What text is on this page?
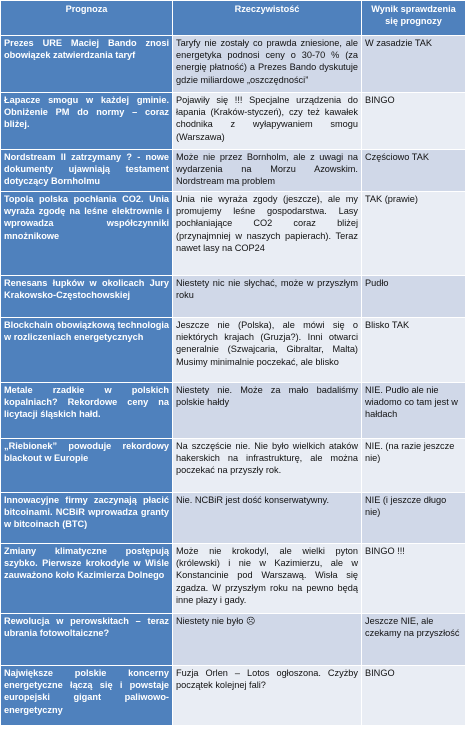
Prognoza	Rzeczywistość	Wynik sprawdzenia się prognozy
Prezes URE Maciej Bando znosi obowiązek zatwierdzania taryf	Taryfy nie zostały co prawda zniesione, ale energetyka podnosi ceny o 30-70 % (za energię płatność) a Prezes Bando dyskutuje gdzie miliardowe „oszczędności”	W zasadzie TAK
Łapacze smogu w każdej gminie. Obniżenie PM do normy – coraz bliżej.	Pojawiły się !!! Specjalne urządzenia do łapania (Kraków-styczeń), czy też kawałek chodnika z wyłapywaniem smogu (Warszawa)	BINGO
Nordstream II zatrzymany ? - nowe dokumenty ujawniają testament dotyczący Bornholmu	Może nie przez Bornholm, ale z uwagi na wydarzenia na Morzu Azowskim. Nordstream ma problem	Częściowo TAK
Topola polska pochłania CO2. Unia wyraża zgodę na leśne elektrownie i wprowadza współczynniki mnożnikowe	Unia nie wyraża zgody (jeszcze), ale my promujemy leśne gospodarstwa. Lasy pochłaniające CO2 coraz bliżej (przynajmniej w naszych papierach). Teraz nawet lasy na COP24	TAK (prawie)
Renesans łupków w okolicach Jury Krakowsko-Częstochowskiej	Niestety nic nie słychać, może w przyszłym roku	Pudło
Blockchain obowiązkową technologia w rozliczeniach energetycznych	Jeszcze nie (Polska), ale mówi się o niektórych krajach (Gruzja?). Inni otwarci generalnie (Szwajcaria, Gibraltar, Malta) Musimy minimalnie poczekać, ale blisko	Blisko TAK
Metale rzadkie w polskich kopalniach? Rekordowe ceny na licytacji śląskich hałd.	Niestety nie. Może za mało badaliśmy polskie hałdy	NIE. Pudło ale nie wiadomo co tam jest w hałdach
„Riebionek” powoduje rekordowy blackout w Europie	Na szczęście nie. Nie było wielkich ataków hakerskich na infrastrukturę, ale można poczekać na przyszły rok.	NIE. (na razie jeszcze nie)
Innowacyjne firmy zaczynają płacić bitcoinami. NCBiR wprowadza granty w bitcoinach (BTC)	Nie. NCBiR jest dość konserwatywny.	NIE (i jeszcze długo nie)
Zmiany klimatyczne postępują szybko. Pierwsze krokodyle w Wiśle zauważono koło Kazimierza Dolnego	Może nie krokodyl, ale wielki pyton (królewski) i nie w Kazimierzu, ale w Konstancinie pod Warszawą. Wisła się zgadza. W przyszłym roku na pewno będą inne płazy i gady.	BINGO !!!
Rewolucja w perowskitach – teraz ubrania fotowoltaiczne?	Niestety nie było ☹	Jeszcze NIE, ale czekamy na przyszłość
Największe polskie koncerny energetyczne łączą się i powstaje europejski gigant paliwowo-energetyczny	Fuzja Orlen – Lotos ogłoszona. Czyżby początek kolejnej fali?	BINGO
